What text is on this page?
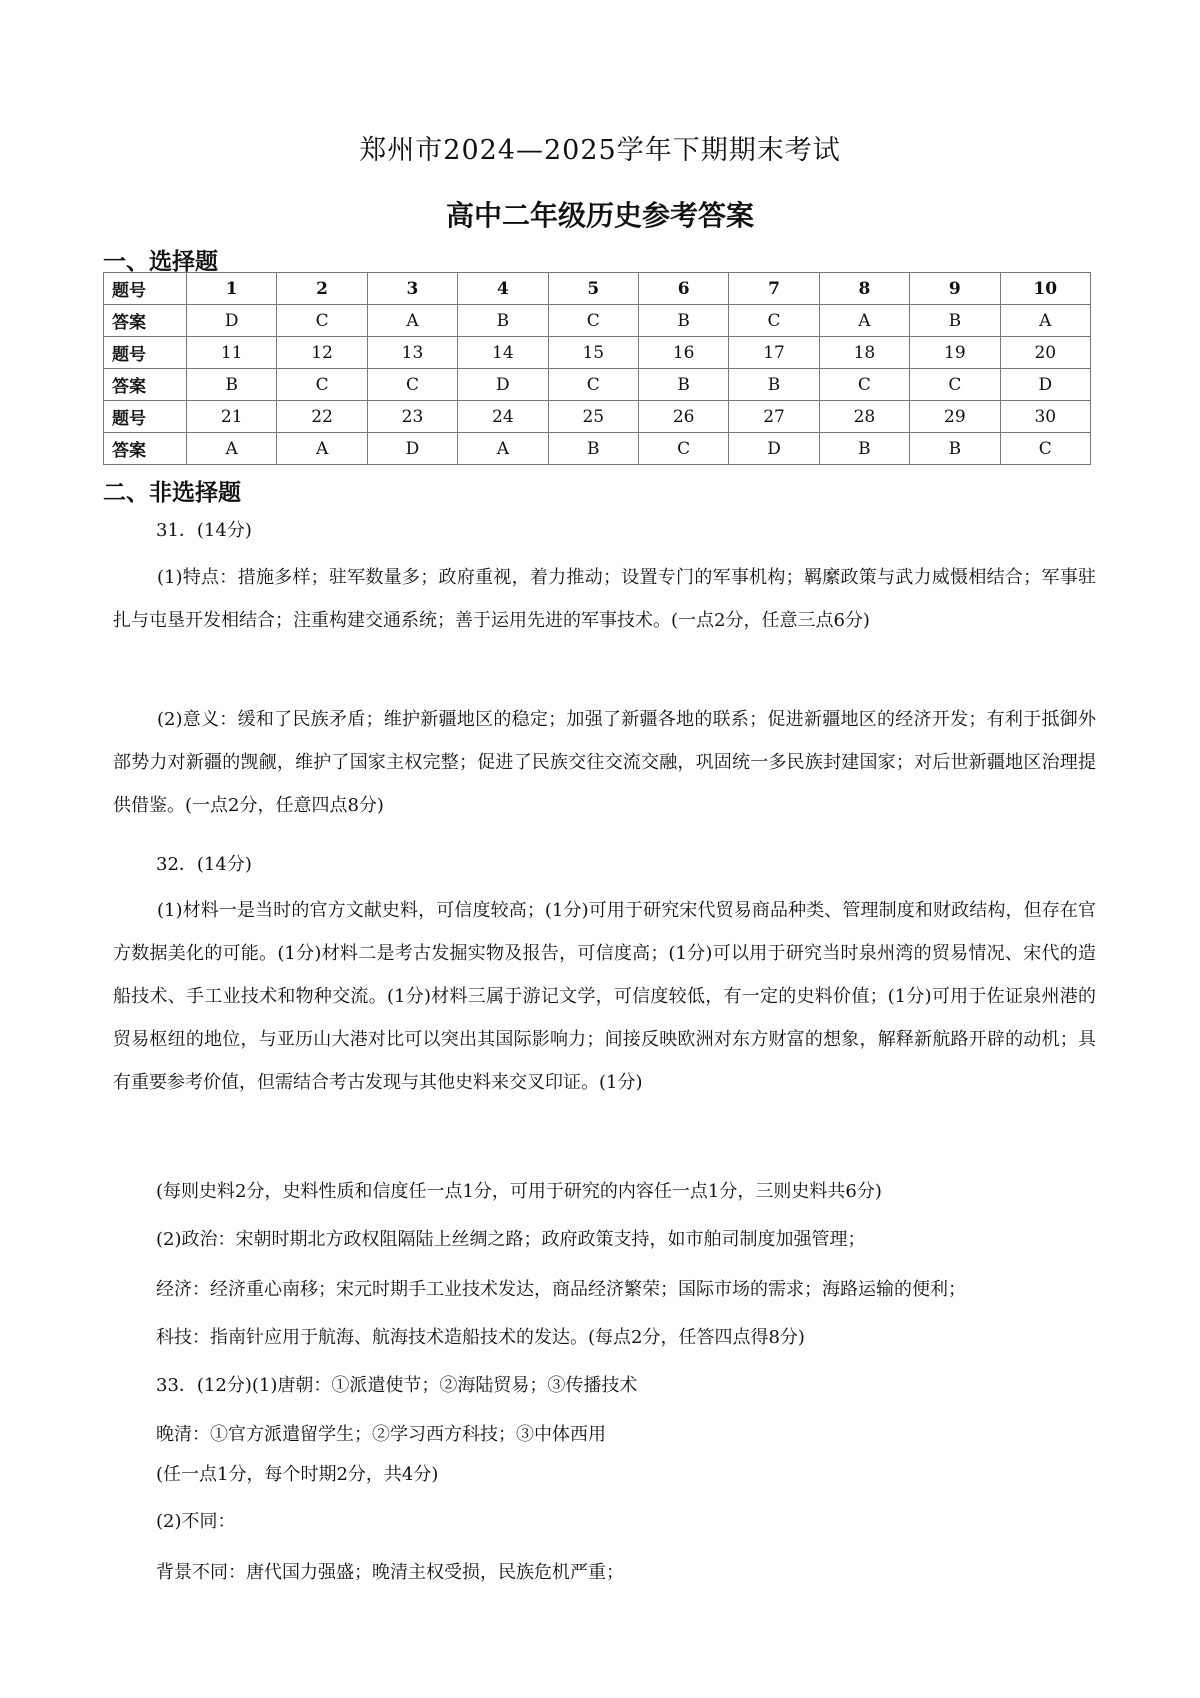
郑州市2024—2025学年下期期末考试
高中二年级历史参考答案
一、选择题
题号	1	2	3	4	5	6	7	8	9	10
答案	D	C	A	B	C	B	C	A	B	A
题号	11	12	13	14	15	16	17	18	19	20
答案	B	C	C	D	C	B	B	C	C	D
题号	21	22	23	24	25	26	27	28	29	30
答案	A	A	D	A	B	C	D	B	B	C
二、非选择题
31．(14分)
(1)特点：措施多样；驻军数量多；政府重视，着力推动；设置专门的军事机构；羁縻政策与武力威慑相结合；军事驻扎与屯垦开发相结合；注重构建交通系统；善于运用先进的军事技术。(一点2分，任意三点6分)
(2)意义：缓和了民族矛盾；维护新疆地区的稳定；加强了新疆各地的联系；促进新疆地区的经济开发；有利于抵御外部势力对新疆的觊觎，维护了国家主权完整；促进了民族交往交流交融，巩固统一多民族封建国家；对后世新疆地区治理提供借鉴。(一点2分，任意四点8分)
32．(14分)
(1)材料一是当时的官方文献史料，可信度较高；(1分)可用于研究宋代贸易商品种类、管理制度和财政结构，但存在官方数据美化的可能。(1分)材料二是考古发掘实物及报告，可信度高；(1分)可以用于研究当时泉州湾的贸易情况、宋代的造船技术、手工业技术和物种交流。(1分)材料三属于游记文学，可信度较低，有一定的史料价值；(1分)可用于佐证泉州港的贸易枢纽的地位，与亚历山大港对比可以突出其国际影响力；间接反映欧洲对东方财富的想象，解释新航路开辟的动机；具有重要参考价值，但需结合考古发现与其他史料来交叉印证。(1分)
(每则史料2分，史料性质和信度任一点1分，可用于研究的内容任一点1分，三则史料共6分)
(2)政治：宋朝时期北方政权阻隔陆上丝绸之路；政府政策支持，如市舶司制度加强管理；
经济：经济重心南移；宋元时期手工业技术发达，商品经济繁荣；国际市场的需求；海路运输的便利；
科技：指南针应用于航海、航海技术造船技术的发达。(每点2分，任答四点得8分)
33．(12分)(1)唐朝：①派遣使节；②海陆贸易；③传播技术
晚清：①官方派遣留学生；②学习西方科技；③中体西用
(任一点1分，每个时期2分，共4分)
(2)不同：
背景不同：唐代国力强盛；晚清主权受损，民族危机严重；
